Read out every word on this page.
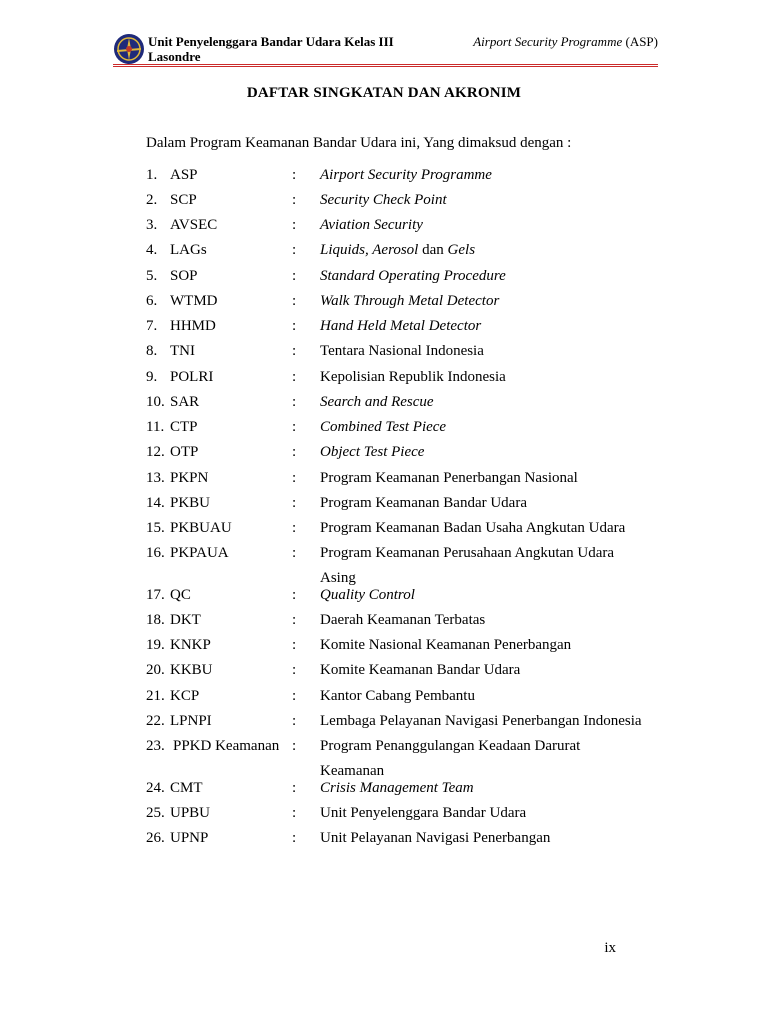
Unit Penyelenggara Bandar Udara Kelas III
Lasondre
Airport Security Programme (ASP)
DAFTAR SINGKATAN DAN AKRONIM
Dalam Program Keamanan Bandar Udara ini, Yang dimaksud dengan :
1. ASP	: Airport Security Programme
2. SCP	: Security Check Point
3. AVSEC	: Aviation Security
4. LAGs	: Liquids, Aerosol dan Gels
5. SOP	: Standard Operating Procedure
6. WTMD	: Walk Through Metal Detector
7. HHMD	: Hand Held Metal Detector
8. TNI	: Tentara Nasional Indonesia
9. POLRI	: Kepolisian Republik Indonesia
10. SAR	: Search and Rescue
11. CTP	: Combined Test Piece
12. OTP	: Object Test Piece
13. PKPN	: Program Keamanan Penerbangan Nasional
14. PKBU	: Program Keamanan Bandar Udara
15. PKBUAU	: Program Keamanan Badan Usaha Angkutan Udara
16. PKPAUA	: Program Keamanan Perusahaan Angkutan Udara
Asing
17. QC	: Quality Control
18. DKT	: Daerah Keamanan Terbatas
19. KNKP	: Komite Nasional Keamanan Penerbangan
20. KKBU	: Komite Keamanan Bandar Udara
21. KCP	: Kantor Cabang Pembantu
22. LPNPI	: Lembaga Pelayanan Navigasi Penerbangan Indonesia
23. PPKD Keamanan : Program Penanggulangan Keadaan Darurat
Keamanan
24. CMT	: Crisis Management Team
25. UPBU	: Unit Penyelenggara Bandar Udara
26. UPNP	: Unit Pelayanan Navigasi Penerbangan
ix
